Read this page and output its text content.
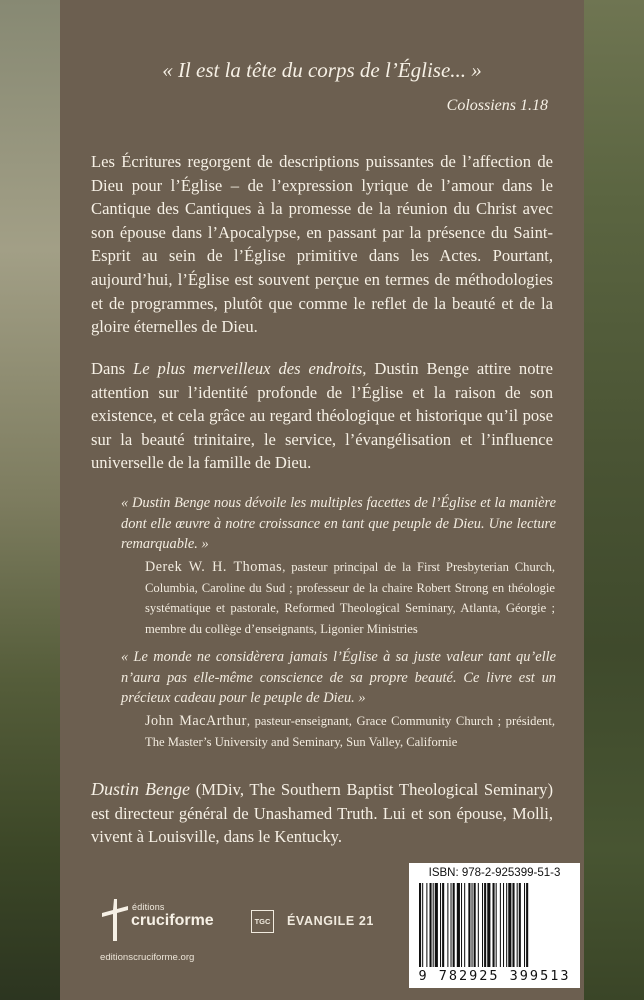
« Il est la tête du corps de l’Église... »
Colossiens 1.18
Les Écritures regorgent de descriptions puissantes de l’affection de Dieu pour l’Église – de l’expression lyrique de l’amour dans le Cantique des Cantiques à la promesse de la réunion du Christ avec son épouse dans l’Apocalypse, en passant par la présence du Saint-Esprit au sein de l’Église primitive dans les Actes. Pourtant, aujourd’hui, l’Église est souvent perçue en termes de méthodologies et de programmes, plutôt que comme le reflet de la beauté et de la gloire éternelles de Dieu.
Dans Le plus merveilleux des endroits, Dustin Benge attire notre attention sur l’identité profonde de l’Église et la raison de son existence, et cela grâce au regard théologique et historique qu’il pose sur la beauté trinitaire, le service, l’évangélisation et l’influence universelle de la famille de Dieu.
« Dustin Benge nous dévoile les multiples facettes de l’Église et la manière dont elle œuvre à notre croissance en tant que peuple de Dieu. Une lecture remarquable. »
Derek W. H. Thomas, pasteur principal de la First Presbyterian Church, Columbia, Caroline du Sud ; professeur de la chaire Robert Strong en théologie systématique et pastorale, Reformed Theological Seminary, Atlanta, Géorgie ; membre du collège d’enseignants, Ligonier Ministries
« Le monde ne considèrera jamais l’Église à sa juste valeur tant qu’elle n’aura pas elle-même conscience de sa propre beauté. Ce livre est un précieux cadeau pour le peuple de Dieu. »
John MacArthur, pasteur-enseignant, Grace Community Church ; président, The Master’s University and Seminary, Sun Valley, Californie
Dustin Benge (MDiv, The Southern Baptist Theological Seminary) est directeur général de Unashamed Truth. Lui et son épouse, Molli, vivent à Louisville, dans le Kentucky.
éditions
cruciforme
editionscruciforme.org
TGC ÉVANGILE 21
ISBN: 978-2-925399-51-3
9 782925 399513
